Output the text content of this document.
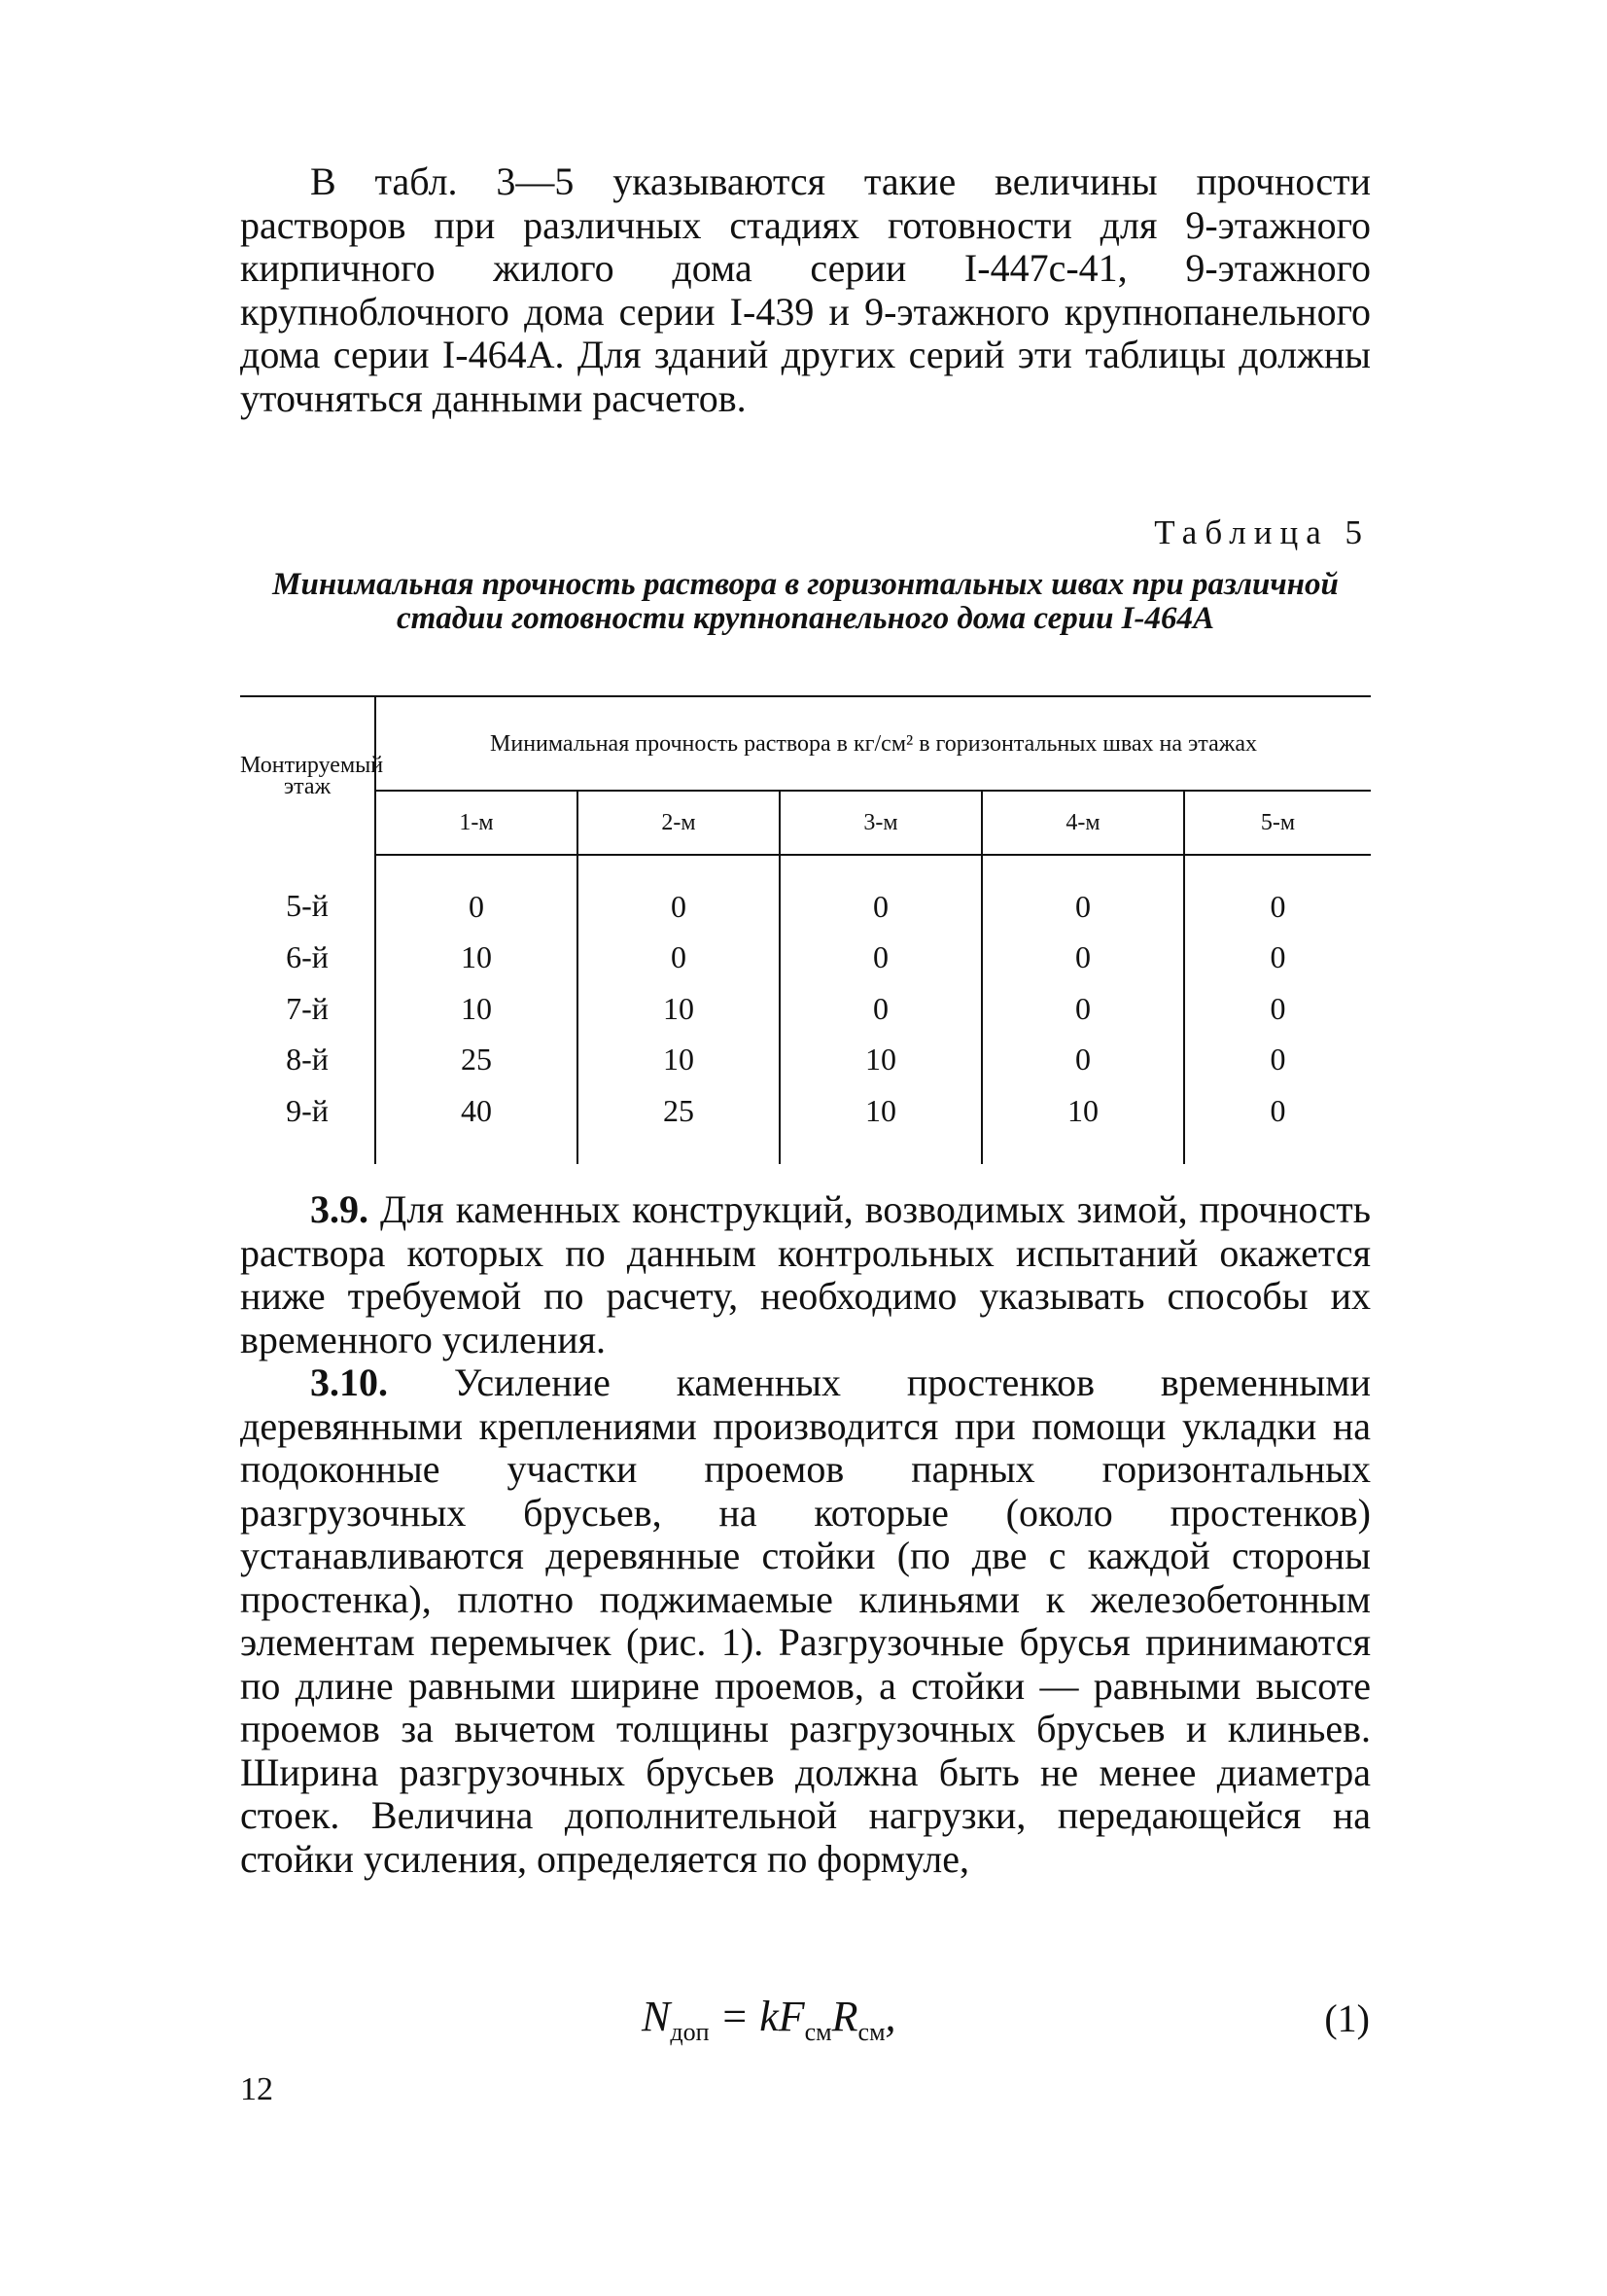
В табл. 3—5 указываются такие величины прочности растворов при различных стадиях готовности для 9-этажного кирпичного жилого дома серии I-447с-41, 9-этажного крупноблочного дома серии I-439 и 9-этажного крупнопанельного дома серии I-464А. Для зданий других серий эти таблицы должны уточняться данными расчетов.

Таблица 5

Минимальная прочность раствора в горизонтальных швах при различной стадии готовности крупнопанельного дома серии I-464А

Монтируемый этаж	Минимальная прочность раствора в кг/см² в горизонтальных швах на этажах				
	1-м	2-м	3-м	4-м	5-м
5-й	0	0	0	0	0
6-й	10	0	0	0	0
7-й	10	10	0	0	0
8-й	25	10	10	0	0
9-й	40	25	10	10	0

3.9. Для каменных конструкций, возводимых зимой, прочность раствора которых по данным контрольных испытаний окажется ниже требуемой по расчету, необходимо указывать способы их временного усиления.

3.10. Усиление каменных простенков временными деревянными креплениями производится при помощи укладки на подоконные участки проемов парных горизонтальных разгрузочных брусьев, на которые (около простенков) устанавливаются деревянные стойки (по две с каждой стороны простенка), плотно поджимаемые клиньями к железобетонным элементам перемычек (рис. 1). Разгрузочные брусья принимаются по длине равными ширине проемов, а стойки — равными высоте проемов за вычетом толщины разгрузочных брусьев и клиньев. Ширина разгрузочных брусьев должна быть не менее диаметра стоек. Величина дополнительной нагрузки, передающейся на стойки усиления, определяется по формуле,

$N_{доп} = kF_{см}R_{см}$,	(1)

12
